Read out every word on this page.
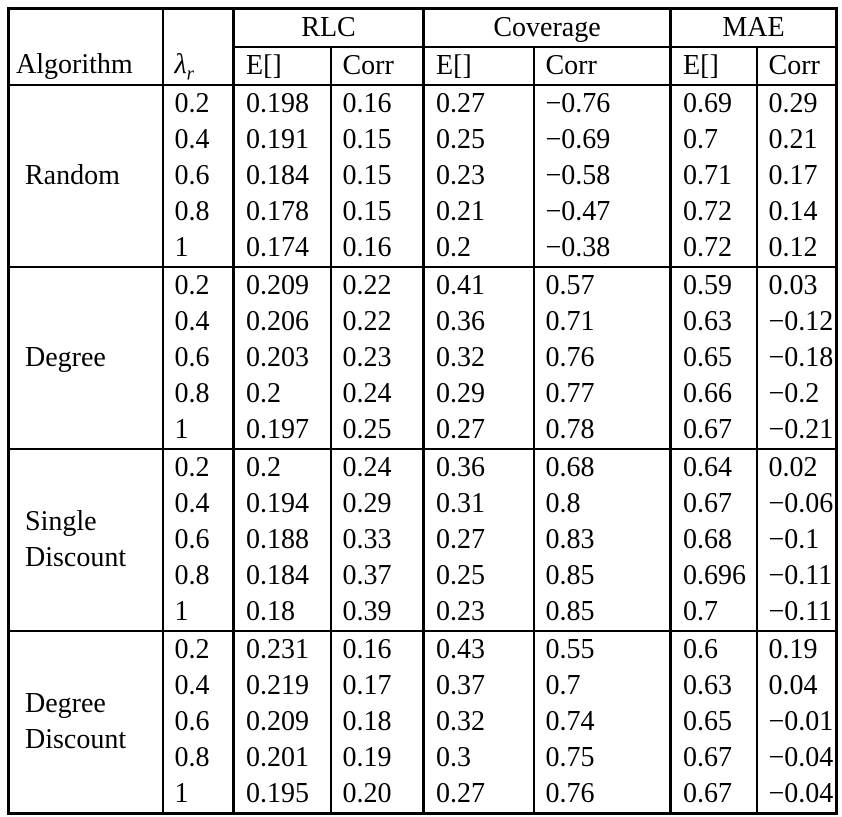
Algorithm	$\lambda_r$	RLC		Coverage		MAE	
		E[]	Corr	E[]	Corr	E[]	Corr
Random	0.2	0.198	0.16	0.27	−0.76	0.69	0.29
	0.4	0.191	0.15	0.25	−0.69	0.7	0.21
	0.6	0.184	0.15	0.23	−0.58	0.71	0.17
	0.8	0.178	0.15	0.21	−0.47	0.72	0.14
	1	0.174	0.16	0.2	−0.38	0.72	0.12
Degree	0.2	0.209	0.22	0.41	0.57	0.59	0.03
	0.4	0.206	0.22	0.36	0.71	0.63	−0.12
	0.6	0.203	0.23	0.32	0.76	0.65	−0.18
	0.8	0.2	0.24	0.29	0.77	0.66	−0.2
	1	0.197	0.25	0.27	0.78	0.67	−0.21
Single Discount	0.2	0.2	0.24	0.36	0.68	0.64	0.02
	0.4	0.194	0.29	0.31	0.8	0.67	−0.06
	0.6	0.188	0.33	0.27	0.83	0.68	−0.1
	0.8	0.184	0.37	0.25	0.85	0.696	−0.11
	1	0.18	0.39	0.23	0.85	0.7	−0.11
Degree Discount	0.2	0.231	0.16	0.43	0.55	0.6	0.19
	0.4	0.219	0.17	0.37	0.7	0.63	0.04
	0.6	0.209	0.18	0.32	0.74	0.65	−0.01
	0.8	0.201	0.19	0.3	0.75	0.67	−0.04
	1	0.195	0.20	0.27	0.76	0.67	−0.04
